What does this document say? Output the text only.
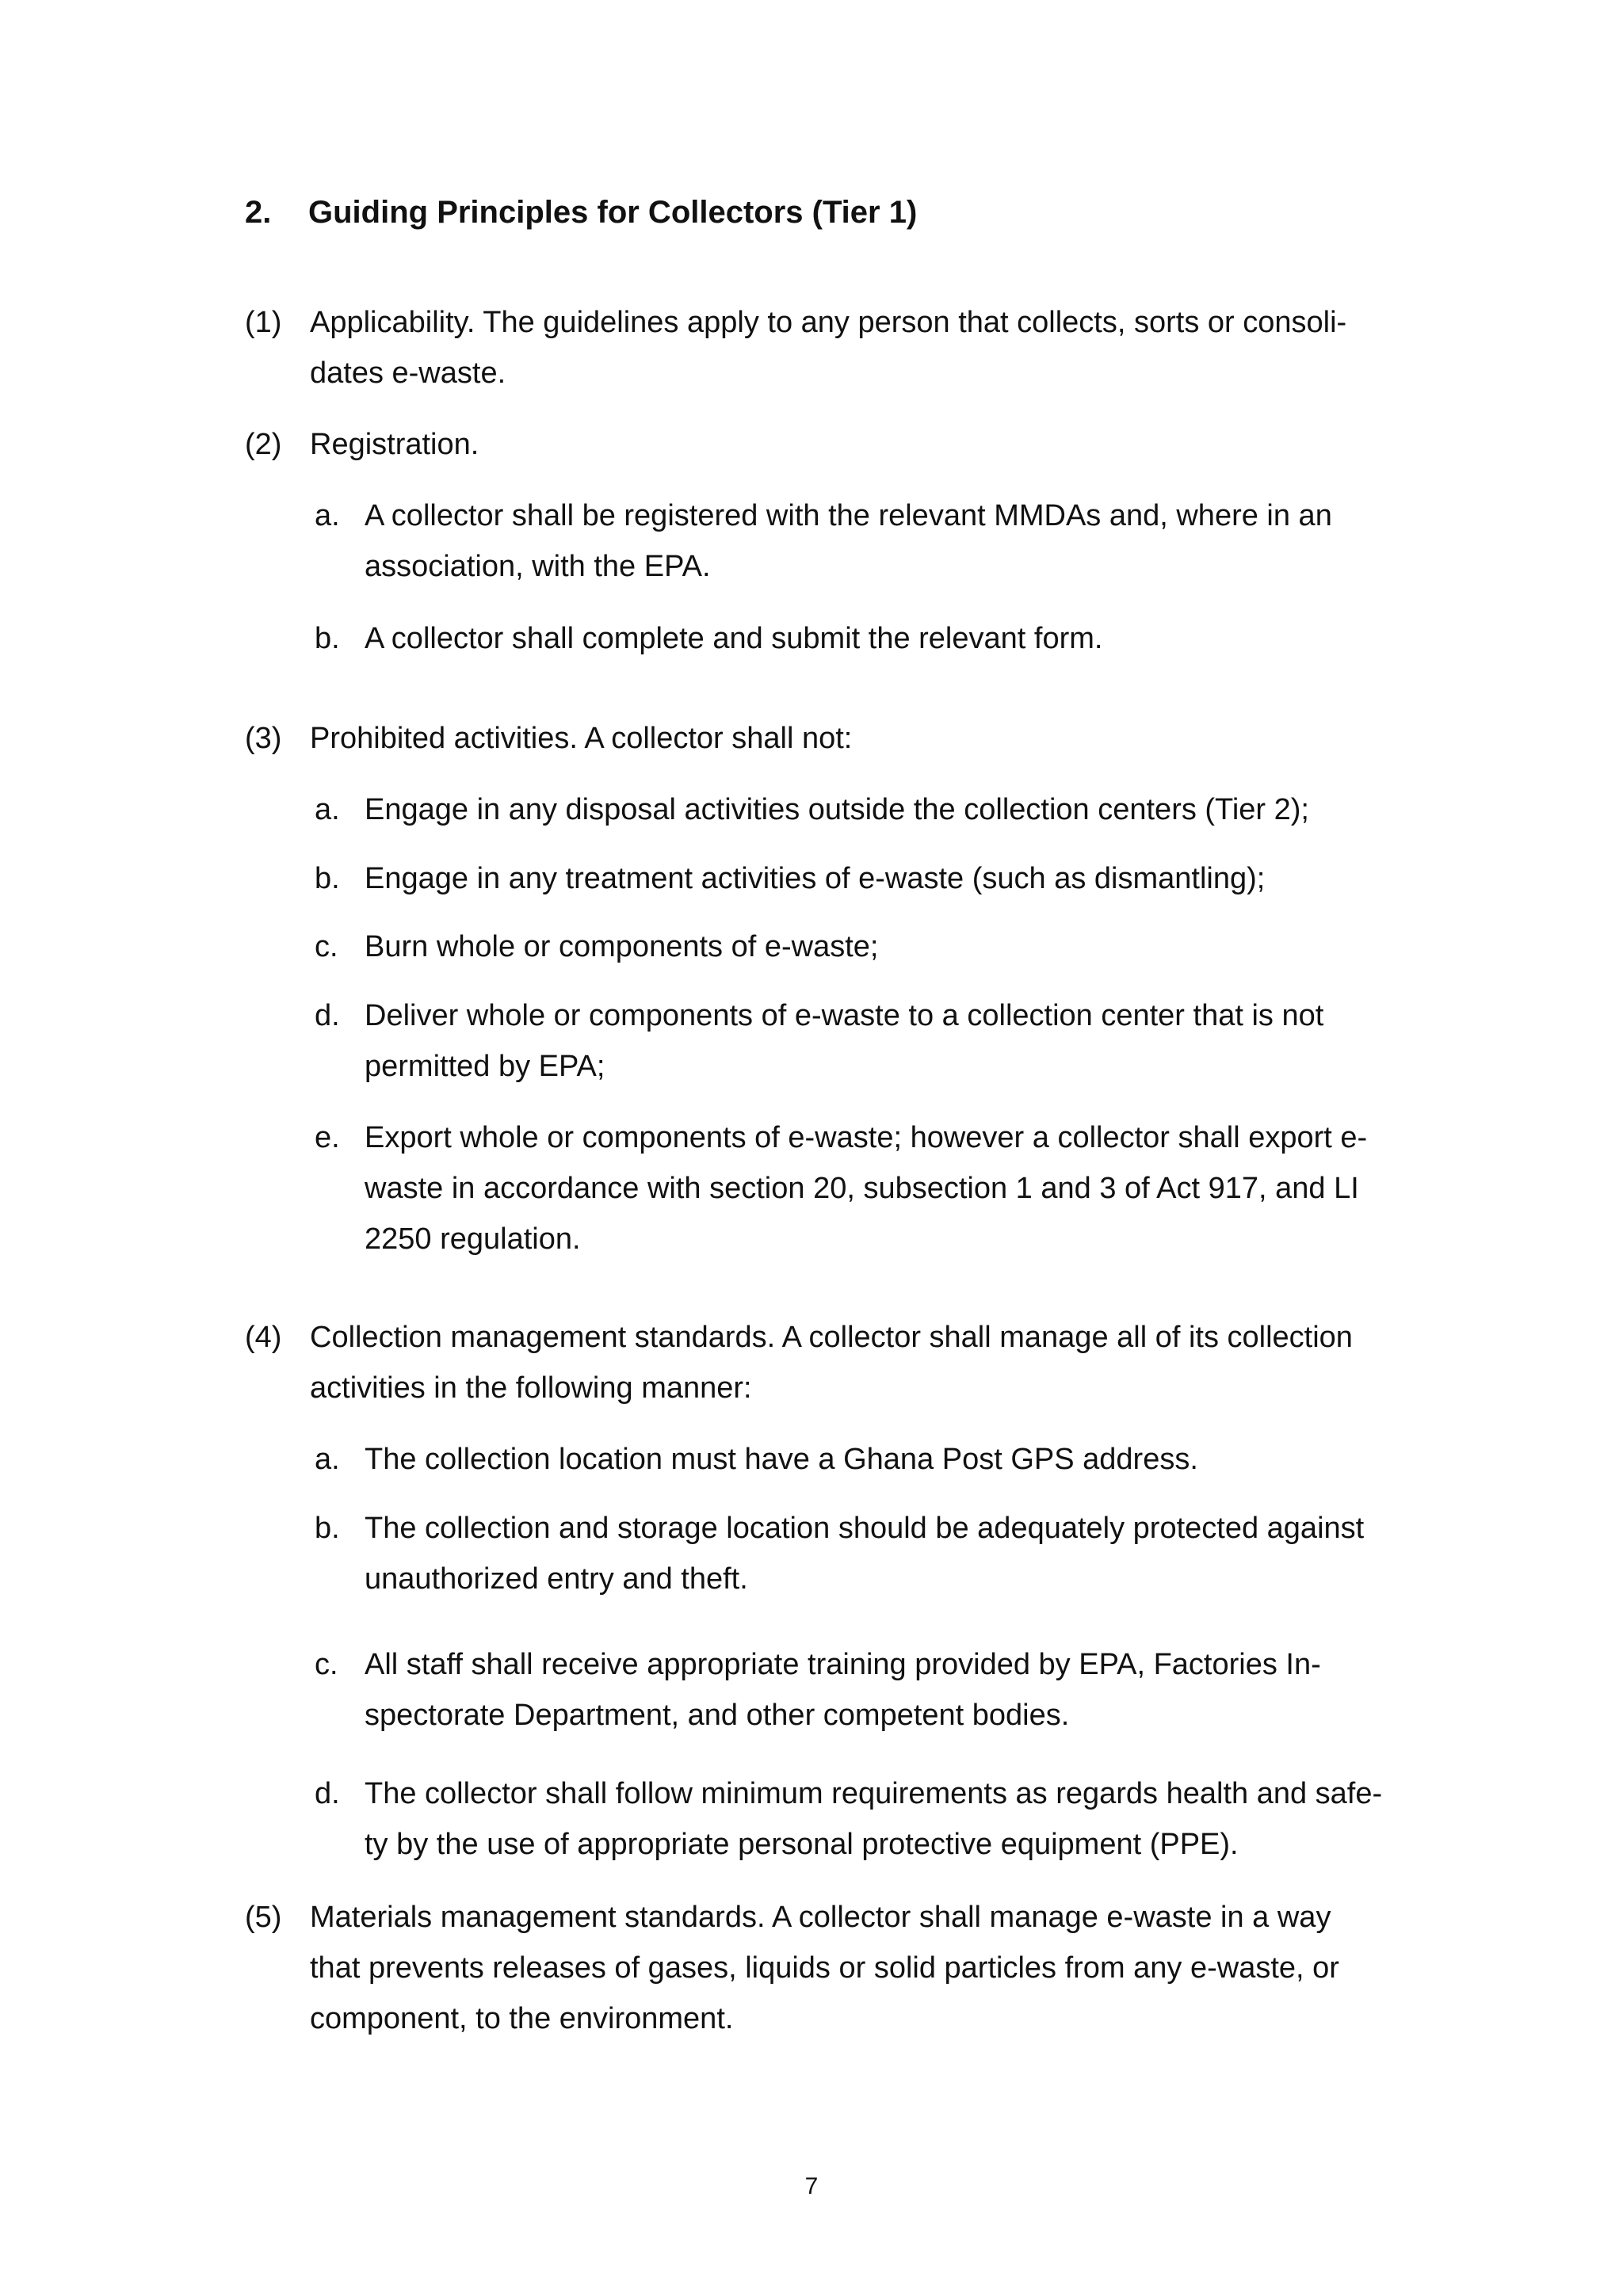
2. Guiding Principles for Collectors (Tier 1)
(1) Applicability. The guidelines apply to any person that collects, sorts or consoli-
dates e-waste.
(2) Registration.
a. A collector shall be registered with the relevant MMDAs and, where in an
association, with the EPA.
b. A collector shall complete and submit the relevant form.
(3) Prohibited activities. A collector shall not:
a. Engage in any disposal activities outside the collection centers (Tier 2);
b. Engage in any treatment activities of e-waste (such as dismantling);
c. Burn whole or components of e-waste;
d. Deliver whole or components of e-waste to a collection center that is not
permitted by EPA;
e. Export whole or components of e-waste; however a collector shall export e-
waste in accordance with section 20, subsection 1 and 3 of Act 917, and LI
2250 regulation.
(4) Collection management standards. A collector shall manage all of its collection
activities in the following manner:
a. The collection location must have a Ghana Post GPS address.
b. The collection and storage location should be adequately protected against
unauthorized entry and theft.
c. All staff shall receive appropriate training provided by EPA, Factories In-
spectorate Department, and other competent bodies.
d. The collector shall follow minimum requirements as regards health and safe-
ty by the use of appropriate personal protective equipment (PPE).
(5) Materials management standards. A collector shall manage e-waste in a way
that prevents releases of gases, liquids or solid particles from any e-waste, or
component, to the environment.
7
